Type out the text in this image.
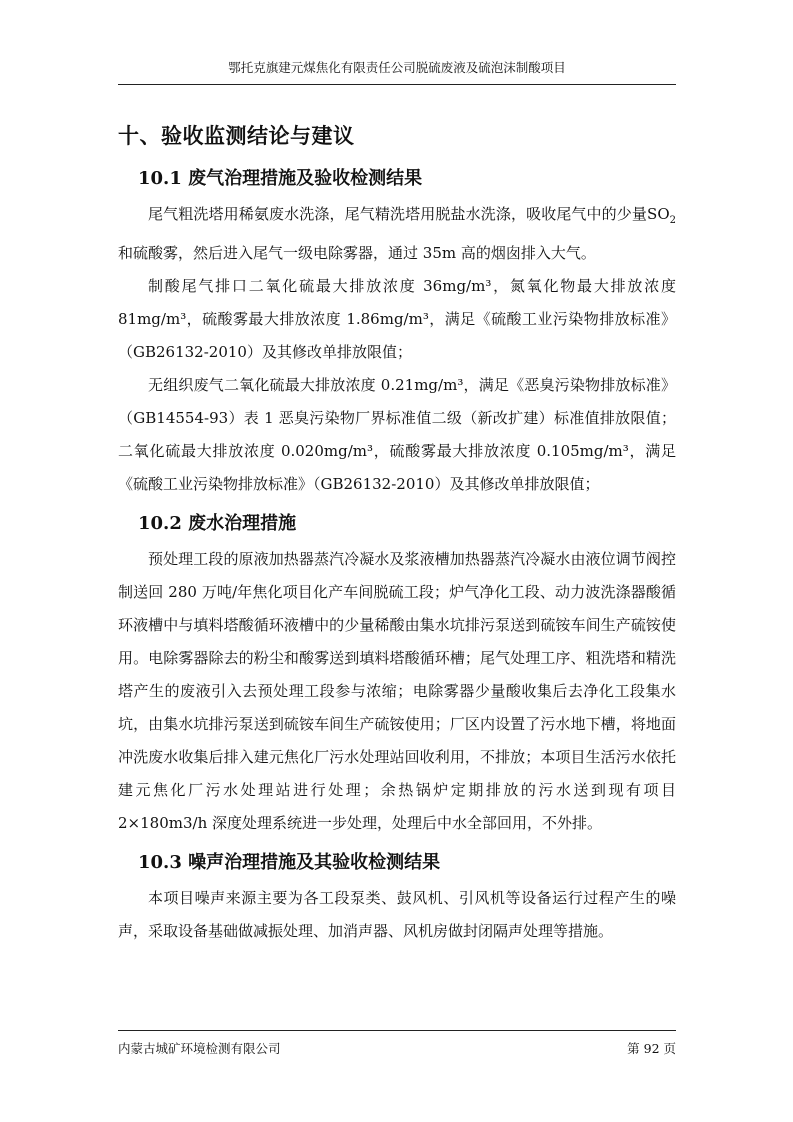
鄂托克旗建元煤焦化有限责任公司脱硫废液及硫泡沫制酸项目
十、验收监测结论与建议
10.1 废气治理措施及验收检测结果

尾气粗洗塔用稀氨废水洗涤，尾气精洗塔用脱盐水洗涤，吸收尾气中的少量$SO_2$和硫酸雾，然后进入尾气一级电除雾器，通过 35m 高的烟囱排入大气。

制酸尾气排口二氧化硫最大排放浓度 36mg/m³，氮氧化物最大排放浓度81mg/m³，硫酸雾最大排放浓度 1.86mg/m³，满足《硫酸工业污染物排放标准》（GB26132-2010）及其修改单排放限值；

无组织废气二氧化硫最大排放浓度 0.21mg/m³，满足《恶臭污染物排放标准》（GB14554-93）表 1 恶臭污染物厂界标准值二级（新改扩建）标准值排放限值；二氧化硫最大排放浓度 0.020mg/m³，硫酸雾最大排放浓度 0.105mg/m³，满足《硫酸工业污染物排放标准》（GB26132-2010）及其修改单排放限值；

10.2 废水治理措施

预处理工段的原液加热器蒸汽冷凝水及浆液槽加热器蒸汽冷凝水由液位调节阀控制送回 280 万吨/年焦化项目化产车间脱硫工段；炉气净化工段、动力波洗涤器酸循环液槽中与填料塔酸循环液槽中的少量稀酸由集水坑排污泵送到硫铵车间生产硫铵使用。电除雾器除去的粉尘和酸雾送到填料塔酸循环槽；尾气处理工序、粗洗塔和精洗塔产生的废液引入去预处理工段参与浓缩；电除雾器少量酸收集后去净化工段集水坑，由集水坑排污泵送到硫铵车间生产硫铵使用；厂区内设置了污水地下槽，将地面冲洗废水收集后排入建元焦化厂污水处理站回收利用，不排放；本项目生活污水依托建元焦化厂污水处理站进行处理；余热锅炉定期排放的污水送到现有项目 2×180m3/h 深度处理系统进一步处理，处理后中水全部回用，不外排。

10.3 噪声治理措施及其验收检测结果

本项目噪声来源主要为各工段泵类、鼓风机、引风机等设备运行过程产生的噪声，采取设备基础做减振处理、加消声器、风机房做封闭隔声处理等措施。

内蒙古城矿环境检测有限公司	第 92 页
